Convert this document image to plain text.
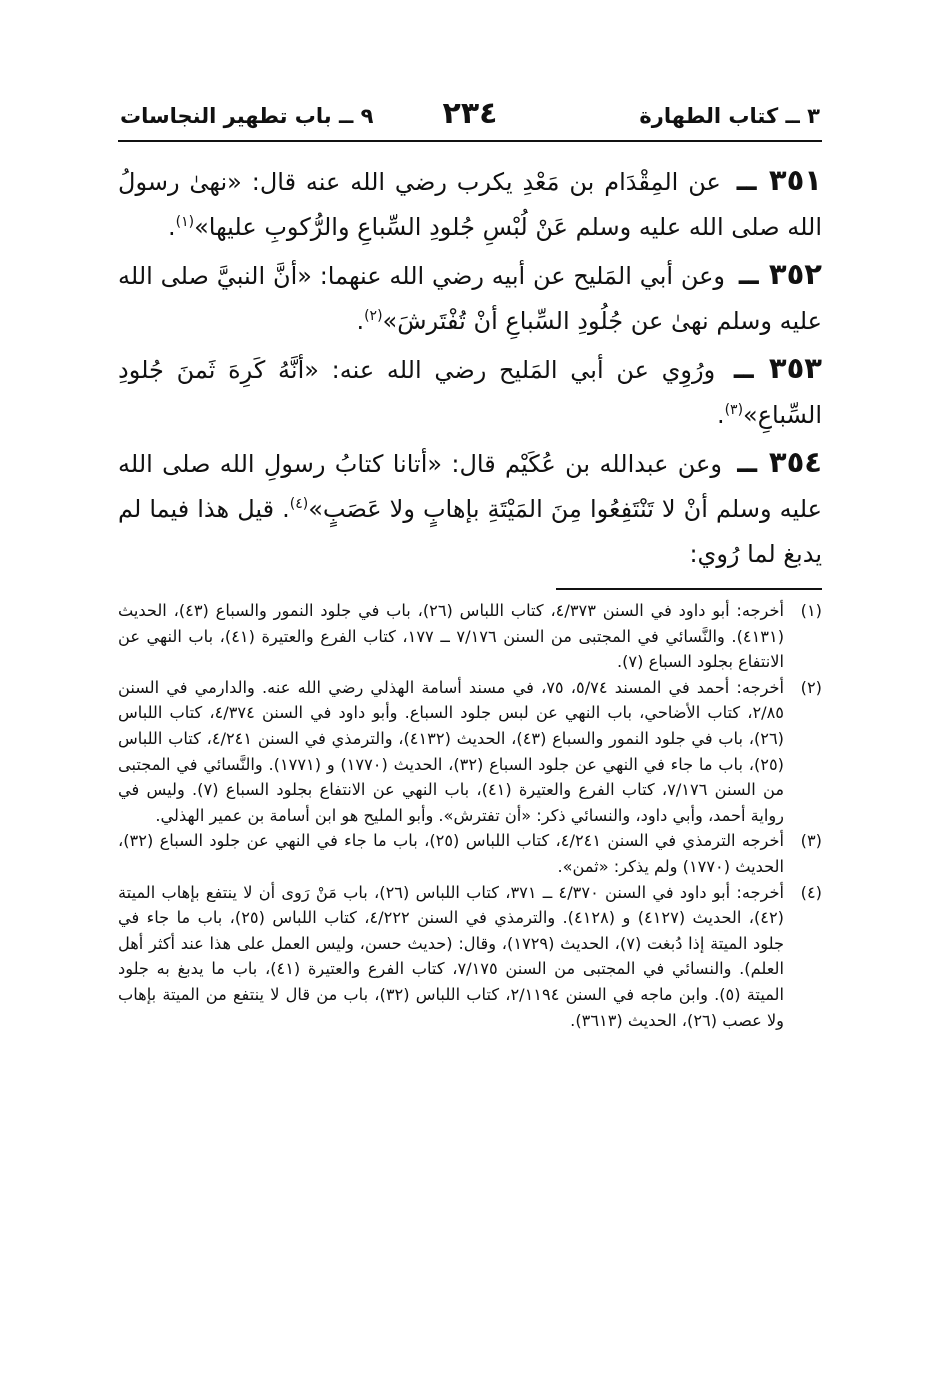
٣ ــ كتاب الطهارة
٢٣٤
٩ ــ باب تطهير النجاسات

٣٥١ ــ عن المِقْدَام بن مَعْدِ يكرب رضي الله عنه قال: «نهىٰ رسولُ الله صلى الله عليه وسلم عَنْ لُبْسِ جُلودِ السِّباعِ والرُّكوبِ عليها»$^{(١)}$.

٣٥٢ ــ وعن أبي المَليح عن أبيه رضي الله عنهما: «أنَّ النبيَّ صلى الله عليه وسلم نهىٰ عن جُلُودِ السِّباعِ أنْ تُفْتَرشَ»$^{(٢)}$.

٣٥٣ ــ ورُوِي عن أبي المَليح رضي الله عنه: «أنَّهُ كَرِهَ ثَمنَ جُلودِ السِّباعِ»$^{(٣)}$.

٣٥٤ ــ وعن عبدالله بن عُكَيْم قال: «أتانا كتابُ رسولِ الله صلى الله عليه وسلم أنْ لا تَنْتَفِعُوا مِنَ المَيْتَةِ بإهابٍ ولا عَصَبٍ»$^{(٤)}$. قيل هذا فيما لم يدبغ لما رُوي:

(١)
أخرجه: أبو داود في السنن ٤/٣٧٣، كتاب اللباس (٢٦)، باب في جلود النمور والسباع (٤٣)، الحديث (٤١٣١). والنَّسائي في المجتبى من السنن ٧/١٧٦ ــ ١٧٧، كتاب الفرع والعتيرة (٤١)، باب النهي عن الانتفاع بجلود السباع (٧).
(٢)
أخرجه: أحمد في المسند ٥/٧٤، ٧٥، في مسند أسامة الهذلي رضي الله عنه. والدارمي في السنن ٢/٨٥، كتاب الأضاحي، باب النهي عن لبس جلود السباع. وأبو داود في السنن ٤/٣٧٤، كتاب اللباس (٢٦)، باب في جلود النمور والسباع (٤٣)، الحديث (٤١٣٢)، والترمذي في السنن ٤/٢٤١، كتاب اللباس (٢٥)، باب ما جاء في النهي عن جلود السباع (٣٢)، الحديث (١٧٧٠) و (١٧٧١). والنَّسائي في المجتبى من السنن ٧/١٧٦، كتاب الفرع والعتيرة (٤١)، باب النهي عن الانتفاع بجلود السباع (٧). وليس في رواية أحمد، وأبي داود، والنسائي ذكر: «أن تفترش». وأبو المليح هو ابن أسامة بن عمير الهذلي.
(٣)
أخرجه الترمذي في السنن ٤/٢٤١، كتاب اللباس (٢٥)، باب ما جاء في النهي عن جلود السباع (٣٢)، الحديث (١٧٧٠) ولم يذكر: «ثمن».
(٤)
أخرجه: أبو داود في السنن ٤/٣٧٠ ــ ٣٧١، كتاب اللباس (٢٦)، باب مَنْ رَوى أن لا ينتفع بإهاب الميتة (٤٢)، الحديث (٤١٢٧) و (٤١٢٨). والترمذي في السنن ٤/٢٢٢، كتاب اللباس (٢٥)، باب ما جاء في جلود الميتة إذا دُبغت (٧)، الحديث (١٧٢٩)، وقال: (حديث حسن، وليس العمل على هذا عند أكثر أهل العلم). والنسائي في المجتبى من السنن ٧/١٧٥، كتاب الفرع والعتيرة (٤١)، باب ما يدبغ به جلود الميتة (٥). وابن ماجه في السنن ٢/١١٩٤، كتاب اللباس (٣٢)، باب من قال لا ينتفع من الميتة بإهاب ولا عصب (٢٦)، الحديث (٣٦١٣).
